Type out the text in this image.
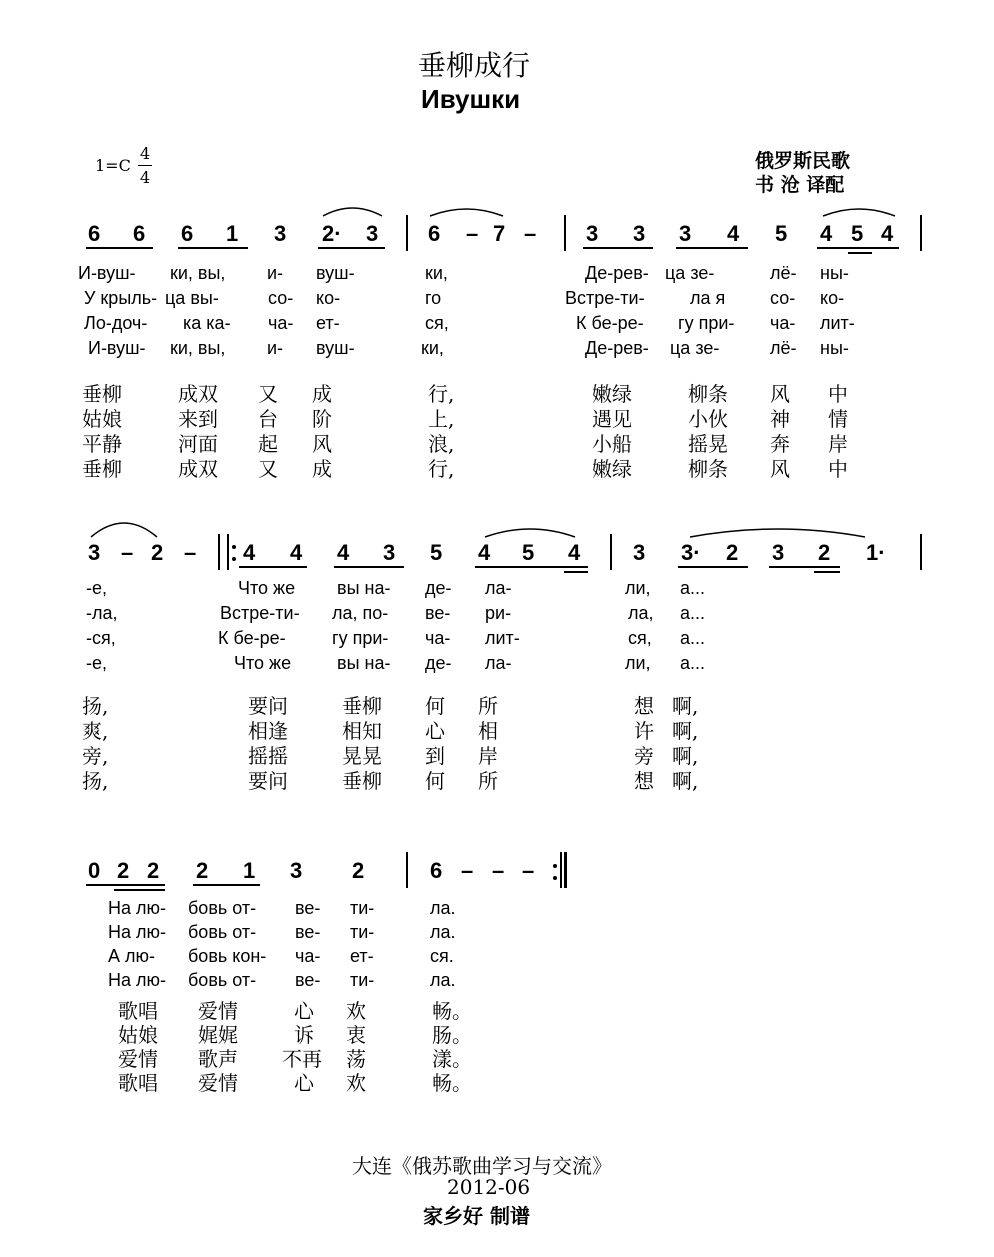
垂柳成行
Ивушки
1=C
4
4
俄罗斯民歌
书 沧 译配
6 6 6 1 3 2· 3 6 – 7 – 3 3 3 4 5 4 5 4
И-вуш- ки, вы, и- вуш-	ки,	Де-рев- ца зе-	лё- ны-
У крыль- ца вы-	со- ко-	го	Встре-ти-	ла я со- ко-
Ло-доч- ка ка- ча- ет-	ся,	К бе-ре- гу при- ча- лит-
И-вуш- ки, вы, и- вуш-	ки,	Де-рев- ца зе-	лё- ны-
垂柳	成双 又 成	行,	嫩绿	柳条 风 中
姑娘	来到 台 阶	上,	遇见	小伙 神 情
平静	河面 起 风	浪,	小船	摇晃 奔 岸
垂柳	成双 又 成	行,	嫩绿	柳条 风 中
3 – 2 – 4 4 4 3 5 4 5 4 3 3· 2 3 2 1·
-е,	Что же вы на- де- ла-	ли, а...
-ла,	Встре-ти- ла, по- ве- ри-	ла, а...
-ся,	К бе-ре-	гу при- ча- лит-	ся, а...
-е,	Что же	вы на- де- ла-	ли, а...
扬,	要问	垂柳 何 所	想 啊,
爽,	相逢	相知 心 相	许 啊,
旁,	摇摇	晃晃 到 岸	旁 啊,
扬,	要问	垂柳 何 所	想 啊,
0 2 2 2 1 3 2	6 – – –
На лю- бовь от- ве- ти-	ла.
На лю- бовь от- ве- ти-	ла.
А лю- бовь кон- ча- ет-	ся.
На лю- бовь от- ве- ти-	ла.
歌唱 爱情	心 欢	畅。
姑娘 娓娓	诉 衷	肠。
爱情 歌声 不再 荡	漾。
歌唱 爱情	心 欢	畅。
大连《俄苏歌曲学习与交流》
2012-06
家乡好 制谱
